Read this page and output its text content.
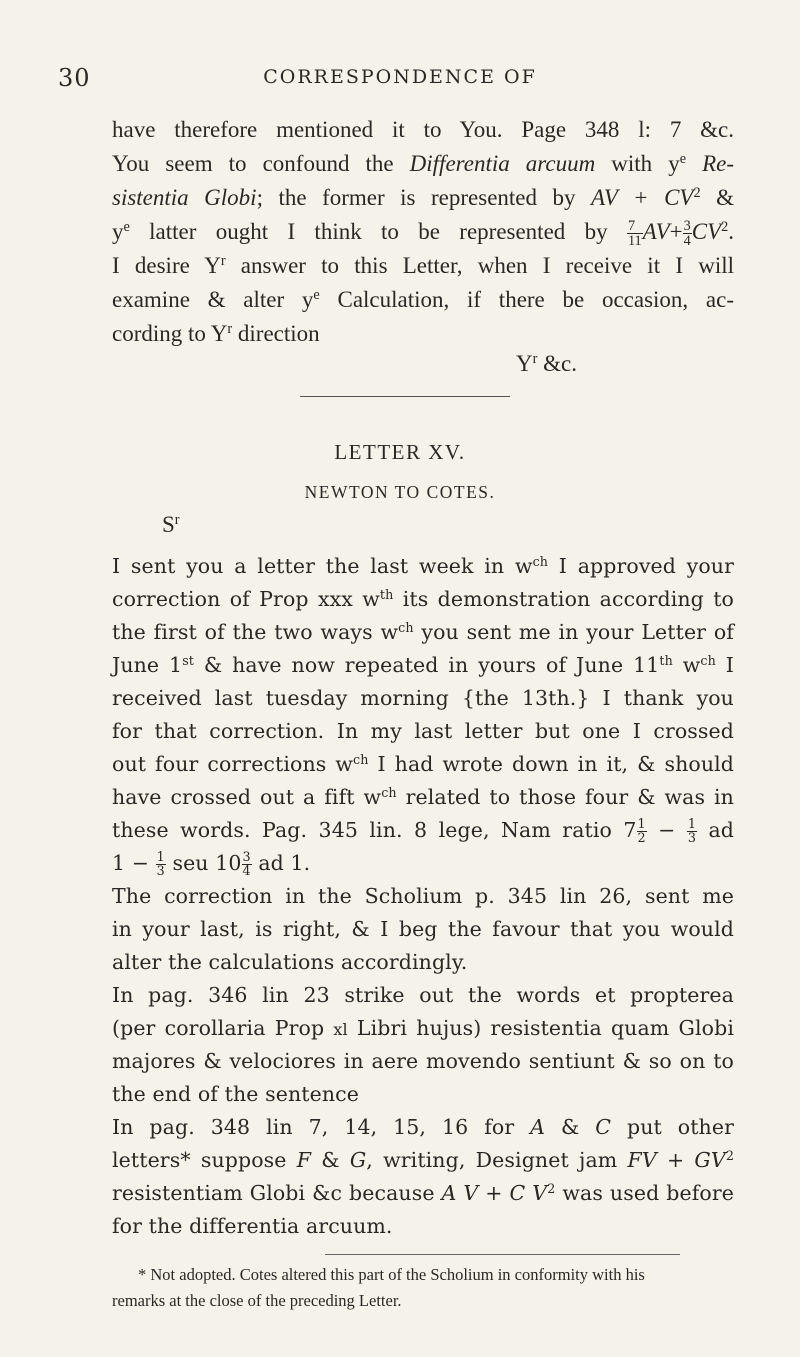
30	CORRESPONDENCE OF
have therefore mentioned it to You. Page 348 l: 7 &c.
You seem to confound the Differentia arcuum with $y^e$ Re-
sistentia Globi; the former is represented by AV + $CV^2$ &
$y^e$ latter ought I think to be represented by $\frac{7}{11} AV+ \frac{3}{4} CV^2$.
I desire $Y^r$ answer to this Letter, when I receive it I will
examine & alter $y^e$ Calculation, if there be occasion, ac-
cording to $Y^r$ direction
$Y^r$ &c.
LETTER XV.
NEWTON TO COTES.
$S^r$
I sent you a letter the last week in $w^{ch}$ I approved your
correction of Prop xxx $w^{th}$ its demonstration according to
the first of the two ways $w^{ch}$ you sent me in your Letter of
June 1st & have now repeated in yours of June 11th $w^{ch}$ I
received last tuesday morning {the 13th.} I thank you
for that correction. In my last letter but one I crossed
out four corrections $w^{ch}$ I had wrote down in it, & should
have crossed out a fift $w^{ch}$ related to those four & was in
these words. Pag. 345 lin. 8 lege, Nam ratio $7 \frac{1}{2} - \frac{1}{3}$ ad
$1 - \frac{1}{3}$ seu $10 \frac{3}{4}$ ad 1.
The correction in the Scholium p. 345 lin 26, sent me
in your last, is right, & I beg the favour that you would
alter the calculations accordingly.
In pag. 346 lin 23 strike out the words et propterea
(per corollaria Prop xl Libri hujus) resistentia quam Globi
majores & velociores in aere movendo sentiunt & so on to
the end of the sentence
In pag. 348 lin 7, 14, 15, 16 for A & C put other
letters* suppose F & G, writing, Designet jam FV + $GV^2$
resistentiam Globi &c because A V + C $V^2$ was used before
for the differentia arcuum.
* Not adopted. Cotes altered this part of the Scholium in conformity with his
remarks at the close of the preceding Letter.
